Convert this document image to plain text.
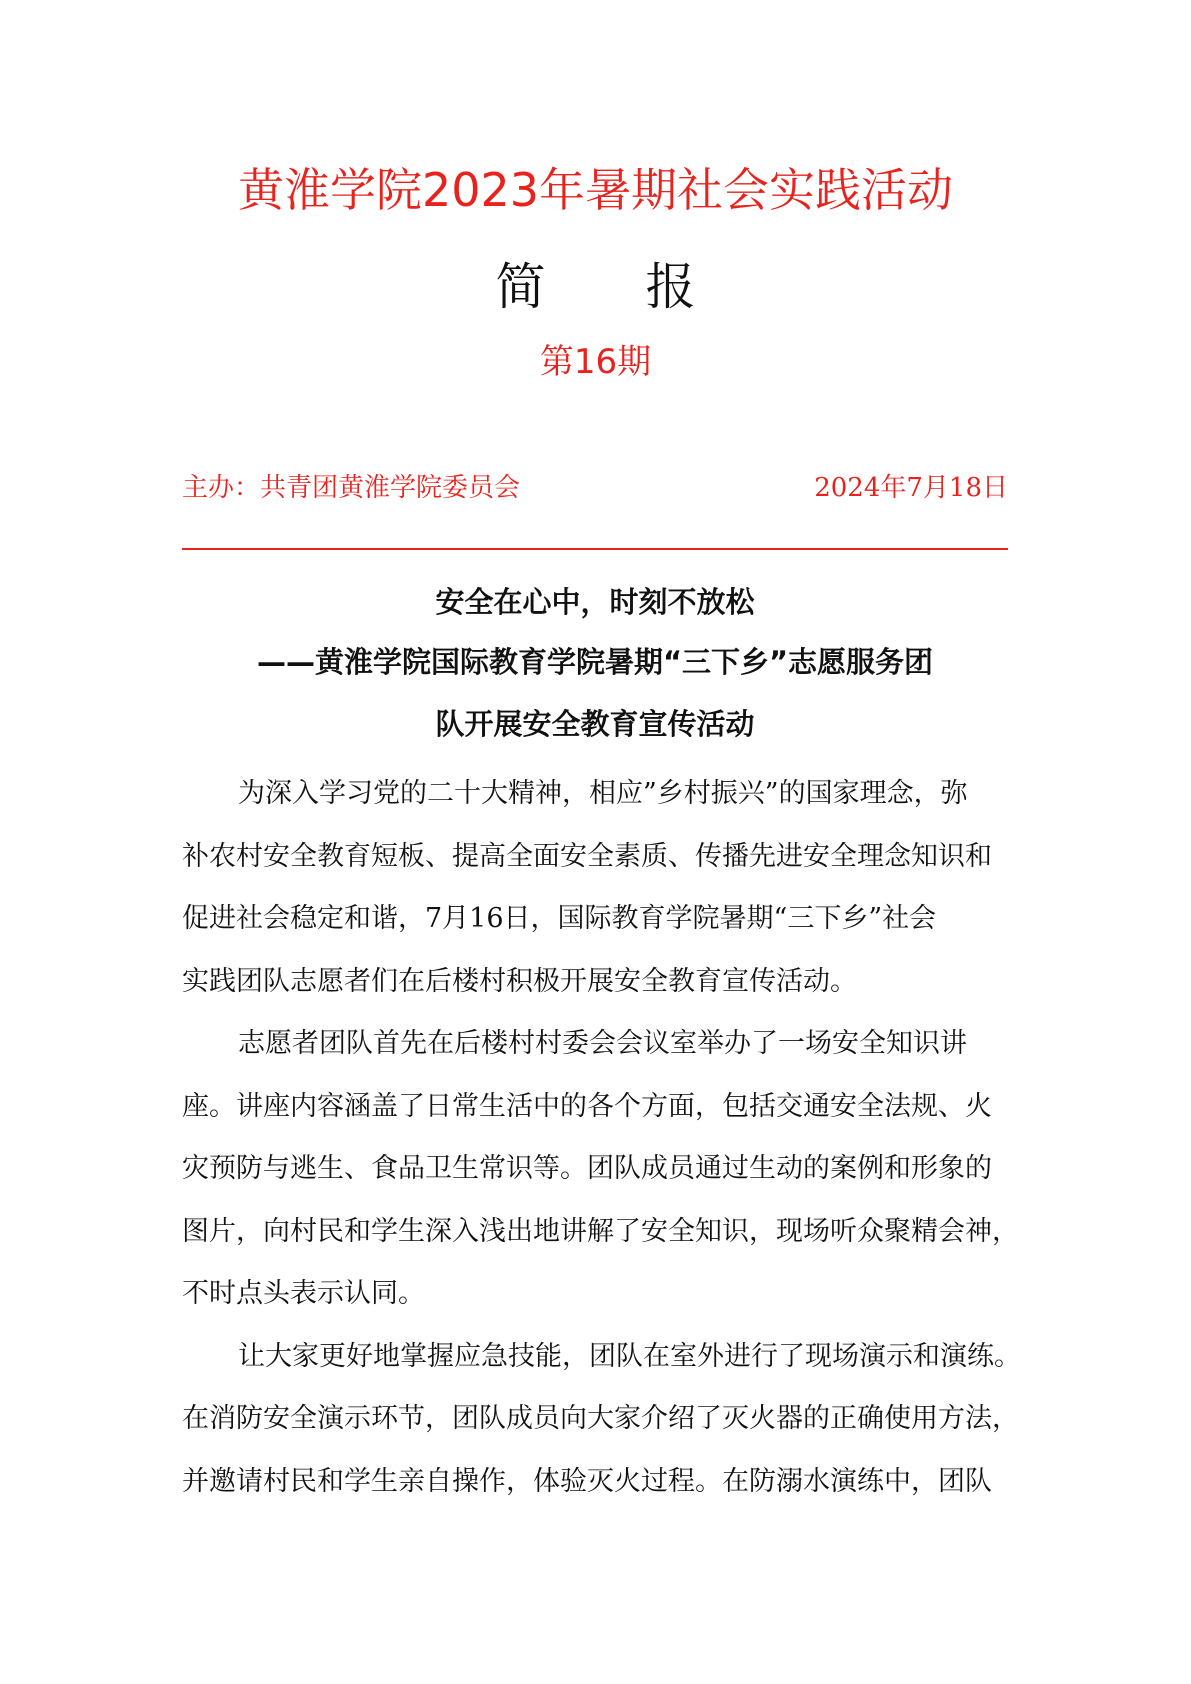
黄淮学院2023年暑期社会实践活动
简　　报
第16期
主办：共青团黄淮学院委员会	2024年7月18日
安全在心中，时刻不放松
——黄淮学院国际教育学院暑期“三下乡”志愿服务团
队开展安全教育宣传活动
为深入学习党的二十大精神，相应”乡村振兴”的国家理念，弥
补农村安全教育短板、提高全面安全素质、传播先进安全理念知识和
促进社会稳定和谐，7月16日，国际教育学院暑期“三下乡”社会
实践团队志愿者们在后楼村积极开展安全教育宣传活动。
志愿者团队首先在后楼村村委会会议室举办了一场安全知识讲
座。讲座内容涵盖了日常生活中的各个方面，包括交通安全法规、火
灾预防与逃生、食品卫生常识等。团队成员通过生动的案例和形象的
图片，向村民和学生深入浅出地讲解了安全知识，现场听众聚精会神，
不时点头表示认同。
让大家更好地掌握应急技能，团队在室外进行了现场演示和演练。
在消防安全演示环节，团队成员向大家介绍了灭火器的正确使用方法，
并邀请村民和学生亲自操作，体验灭火过程。在防溺水演练中，团队
